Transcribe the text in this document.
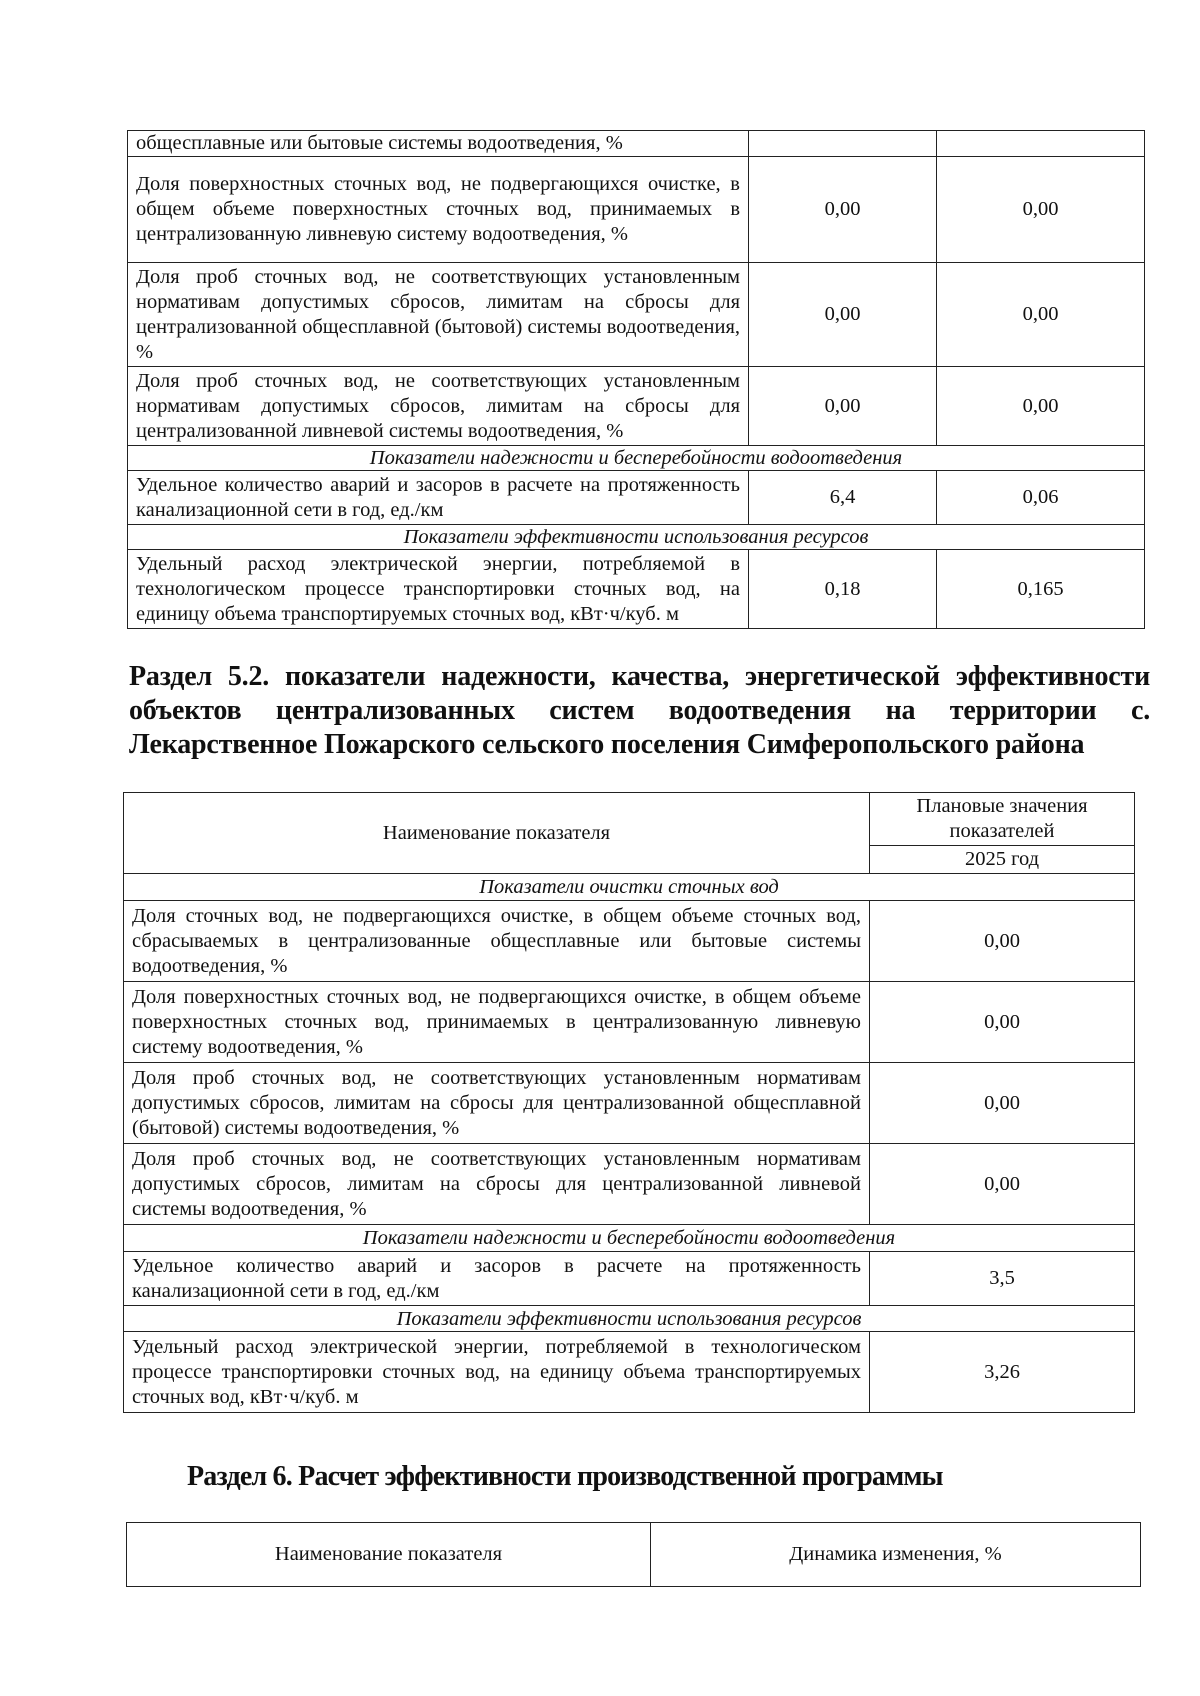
общесплавные или бытовые системы водоотведения, %		
Доля поверхностных сточных вод, не подвергающихся очистке, в общем объеме поверхностных сточных вод, принимаемых в централизованную ливневую систему водоотведения, %	0,00	0,00
Доля проб сточных вод, не соответствующих установленным нормативам допустимых сбросов, лимитам на сбросы для централизованной общесплавной (бытовой) системы водоотведения, %	0,00	0,00
Доля проб сточных вод, не соответствующих установленным нормативам допустимых сбросов, лимитам на сбросы для централизованной ливневой системы водоотведения, %	0,00	0,00
Показатели надежности и бесперебойности водоотведения		
Удельное количество аварий и засоров в расчете на протяженность канализационной сети в год, ед./км	6,4	0,06
Показатели эффективности использования ресурсов		
Удельный расход электрической энергии, потребляемой в технологическом процессе транспортировки сточных вод, на единицу объема транспортируемых сточных вод, кВт·ч/куб. м	0,18	0,165
Раздел 5.2. показатели надежности, качества, энергетической эффективности
объектов централизованных систем водоотведения на территории с.
Лекарственное Пожарского сельского поселения Симферопольского района
Наименование показателя	Плановые значения показателей
	2025 год
Показатели очистки сточных вод	
Доля сточных вод, не подвергающихся очистке, в общем объеме сточных вод, сбрасываемых в централизованные общесплавные или бытовые системы водоотведения, %	0,00
Доля поверхностных сточных вод, не подвергающихся очистке, в общем объеме поверхностных сточных вод, принимаемых в централизованную ливневую систему водоотведения, %	0,00
Доля проб сточных вод, не соответствующих установленным нормативам допустимых сбросов, лимитам на сбросы для централизованной общесплавной (бытовой) системы водоотведения, %	0,00
Доля проб сточных вод, не соответствующих установленным нормативам допустимых сбросов, лимитам на сбросы для централизованной ливневой системы водоотведения, %	0,00
Показатели надежности и бесперебойности водоотведения	
Удельное количество аварий и засоров в расчете на протяженность канализационной сети в год, ед./км	3,5
Показатели эффективности использования ресурсов	
Удельный расход электрической энергии, потребляемой в технологическом процессе транспортировки сточных вод, на единицу объема транспортируемых сточных вод, кВт·ч/куб. м	3,26
Раздел 6. Расчет эффективности производственной программы
Наименование показателя	Динамика изменения, %
